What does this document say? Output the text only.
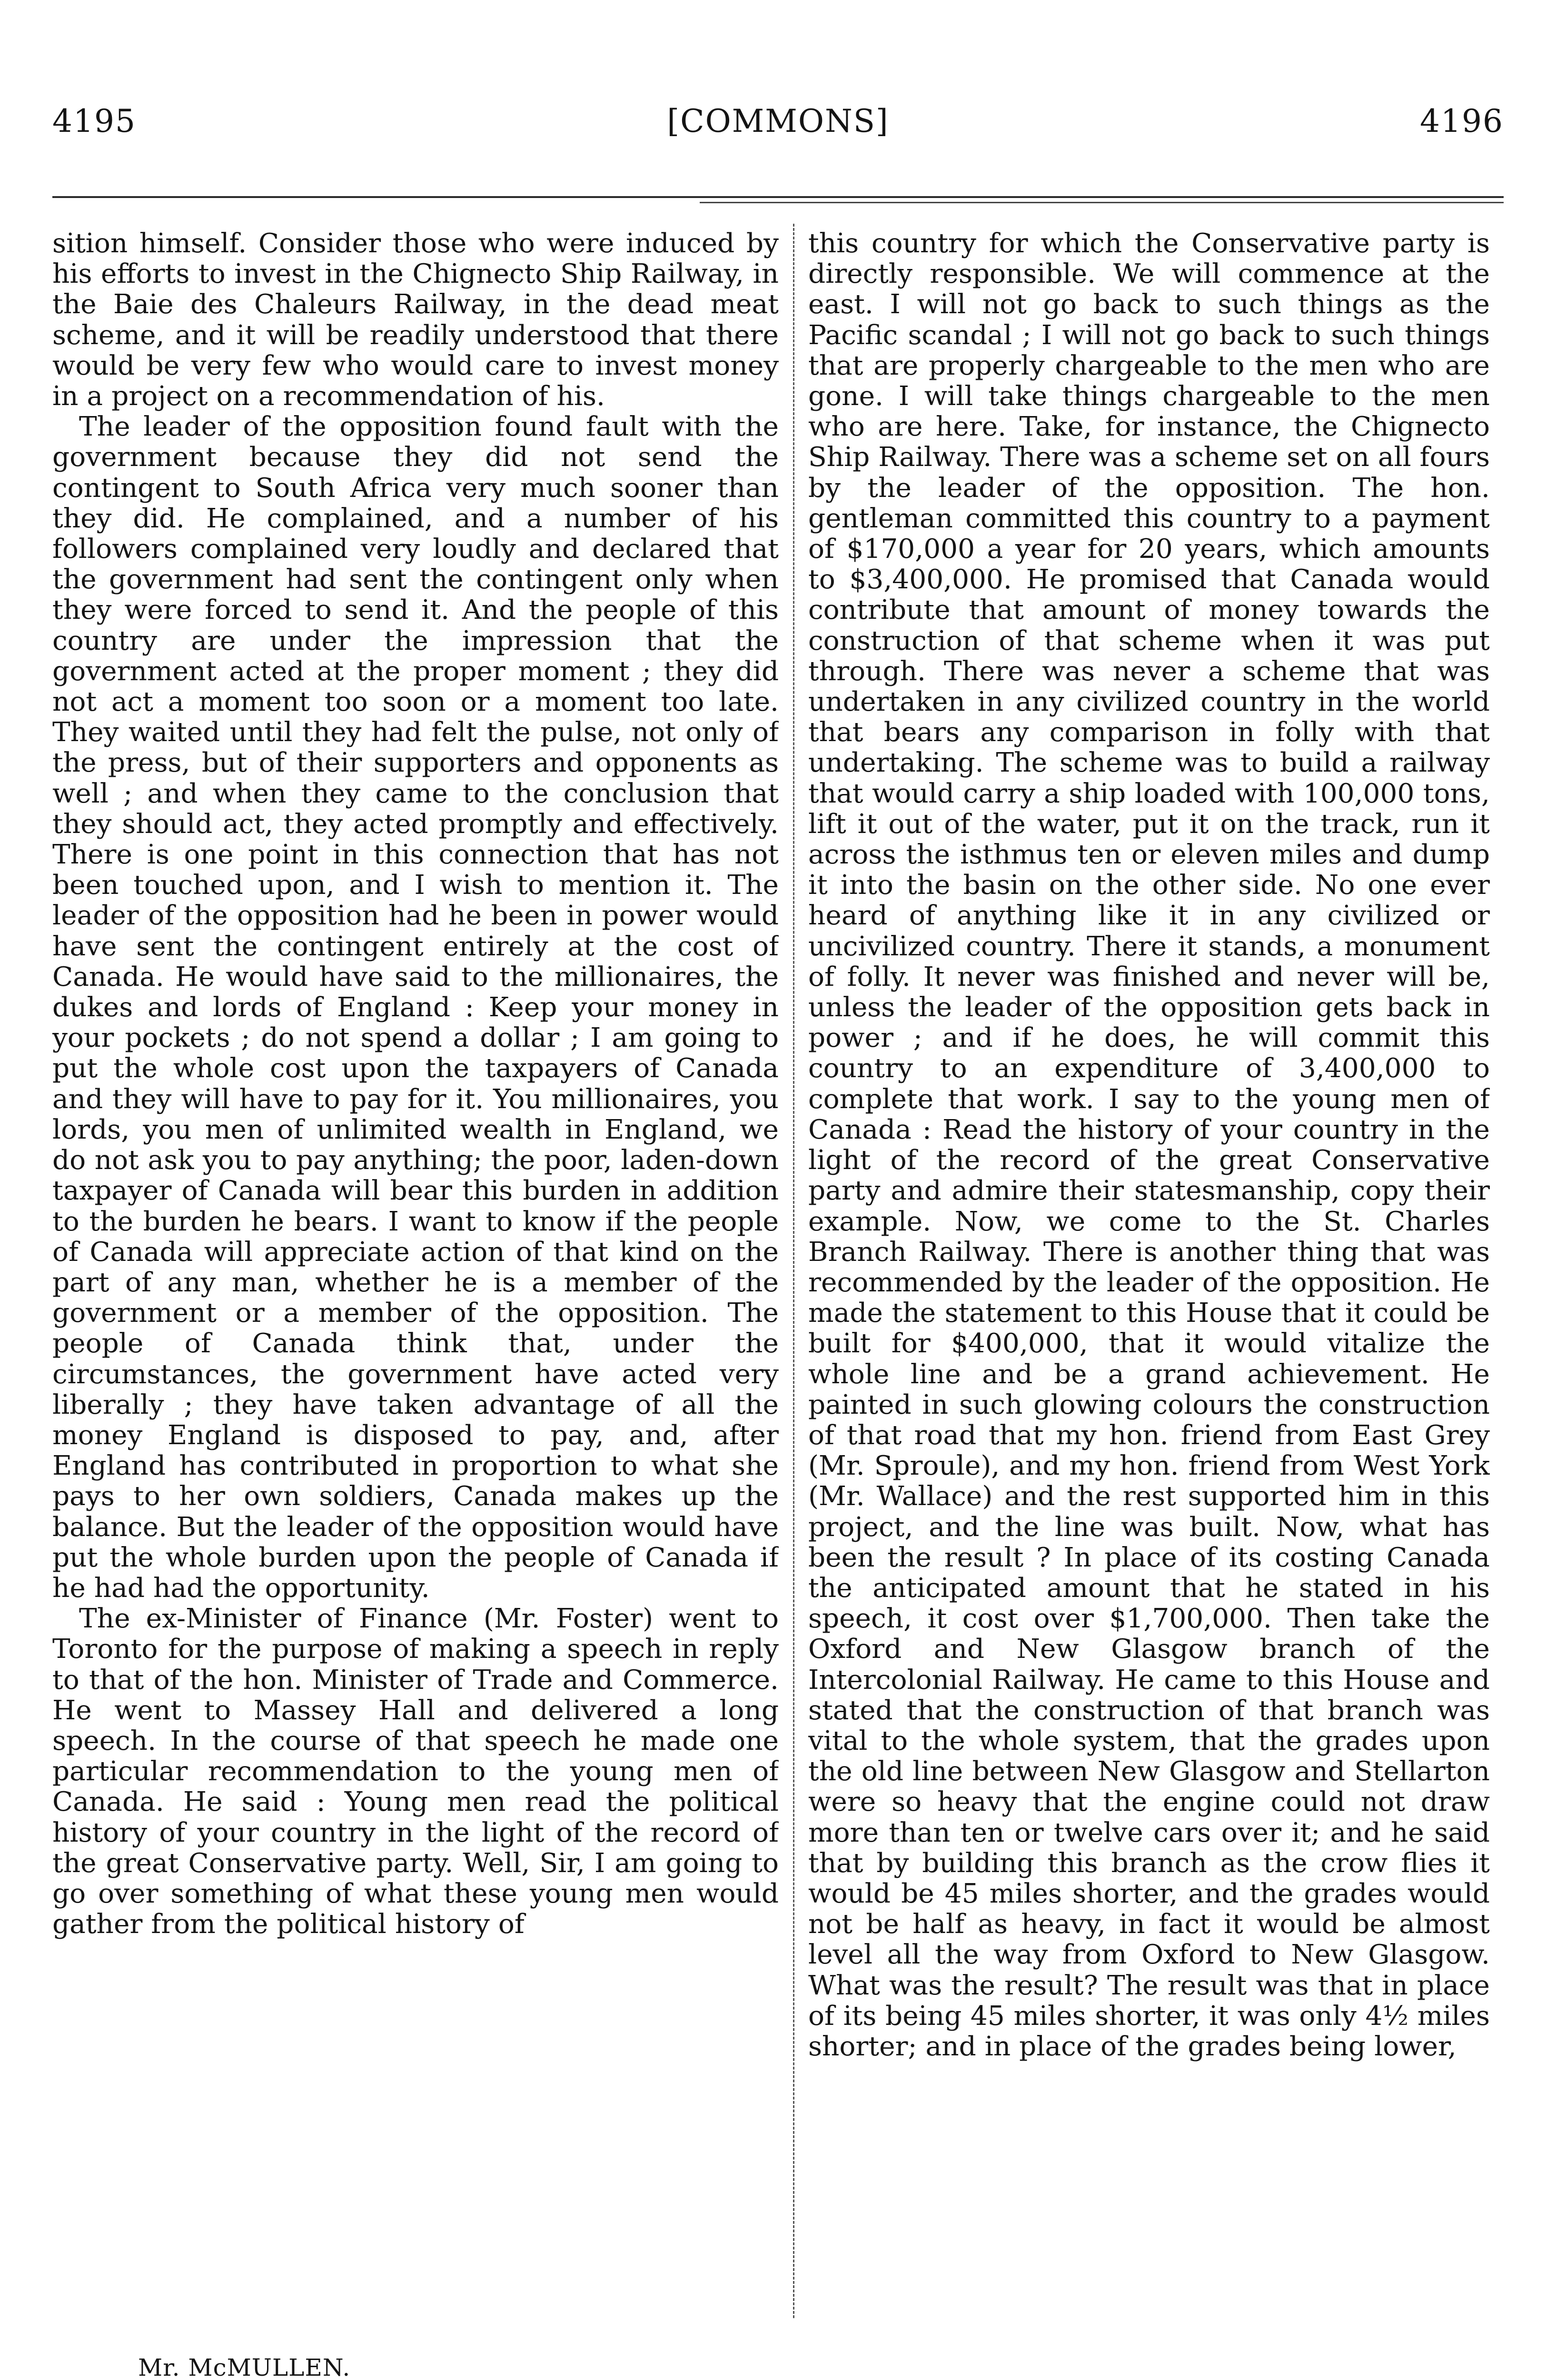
4195	[COMMONS]	4196

sition himself. Consider those who were induced by his efforts to invest in the Chignecto Ship Railway, in the Baie des Chaleurs Railway, in the dead meat scheme, and it will be readily understood that there would be very few who would care to invest money in a project on a recommendation of his.

The leader of the opposition found fault with the government because they did not send the contingent to South Africa very much sooner than they did. He complained, and a number of his followers complained very loudly and declared that the government had sent the contingent only when they were forced to send it. And the people of this country are under the impression that the government acted at the proper moment ; they did not act a moment too soon or a moment too late. They waited until they had felt the pulse, not only of the press, but of their supporters and opponents as well ; and when they came to the conclusion that they should act, they acted promptly and effectively. There is one point in this connection that has not been touched upon, and I wish to mention it. The leader of the opposition had he been in power would have sent the contingent entirely at the cost of Canada. He would have said to the millionaires, the dukes and lords of England : Keep your money in your pockets ; do not spend a dollar ; I am going to put the whole cost upon the taxpayers of Canada and they will have to pay for it. You millionaires, you lords, you men of unlimited wealth in England, we do not ask you to pay anything; the poor, laden-down taxpayer of Canada will bear this burden in addition to the burden he bears. I want to know if the people of Canada will appreciate action of that kind on the part of any man, whether he is a member of the government or a member of the opposition. The people of Canada think that, under the circumstances, the government have acted very liberally ; they have taken advantage of all the money England is disposed to pay, and, after England has contributed in proportion to what she pays to her own soldiers, Canada makes up the balance. But the leader of the opposition would have put the whole burden upon the people of Canada if he had had the opportunity.

The ex-Minister of Finance (Mr. Foster) went to Toronto for the purpose of making a speech in reply to that of the hon. Minister of Trade and Commerce. He went to Massey Hall and delivered a long speech. In the course of that speech he made one particular recommendation to the young men of Canada. He said : Young men read the political history of your country in the light of the record of the great Conservative party. Well, Sir, I am going to go over something of what these young men would gather from the political history of

this country for which the Conservative party is directly responsible. We will commence at the east. I will not go back to such things as the Pacific scandal ; I will not go back to such things that are properly chargeable to the men who are gone. I will take things chargeable to the men who are here. Take, for instance, the Chignecto Ship Railway. There was a scheme set on all fours by the leader of the opposition. The hon. gentleman committed this country to a payment of $170,000 a year for 20 years, which amounts to $3,400,000. He promised that Canada would contribute that amount of money towards the construction of that scheme when it was put through. There was never a scheme that was undertaken in any civilized country in the world that bears any comparison in folly with that undertaking. The scheme was to build a railway that would carry a ship loaded with 100,000 tons, lift it out of the water, put it on the track, run it across the isthmus ten or eleven miles and dump it into the basin on the other side. No one ever heard of anything like it in any civilized or uncivilized country. There it stands, a monument of folly. It never was finished and never will be, unless the leader of the opposition gets back in power ; and if he does, he will commit this country to an expenditure of 3,400,000 to complete that work. I say to the young men of Canada : Read the history of your country in the light of the record of the great Conservative party and admire their statesmanship, copy their example. Now, we come to the St. Charles Branch Railway. There is another thing that was recommended by the leader of the opposition. He made the statement to this House that it could be built for $400,000, that it would vitalize the whole line and be a grand achievement. He painted in such glowing colours the construction of that road that my hon. friend from East Grey (Mr. Sproule), and my hon. friend from West York (Mr. Wallace) and the rest supported him in this project, and the line was built. Now, what has been the result ? In place of its costing Canada the anticipated amount that he stated in his speech, it cost over $1,700,000. Then take the Oxford and New Glasgow branch of the Intercolonial Railway. He came to this House and stated that the construction of that branch was vital to the whole system, that the grades upon the old line between New Glasgow and Stellarton were so heavy that the engine could not draw more than ten or twelve cars over it; and he said that by building this branch as the crow flies it would be 45 miles shorter, and the grades would not be half as heavy, in fact it would be almost level all the way from Oxford to New Glasgow. What was the result? The result was that in place of its being 45 miles shorter, it was only 4½ miles shorter; and in place of the grades being lower,

Mr. McMULLEN.
